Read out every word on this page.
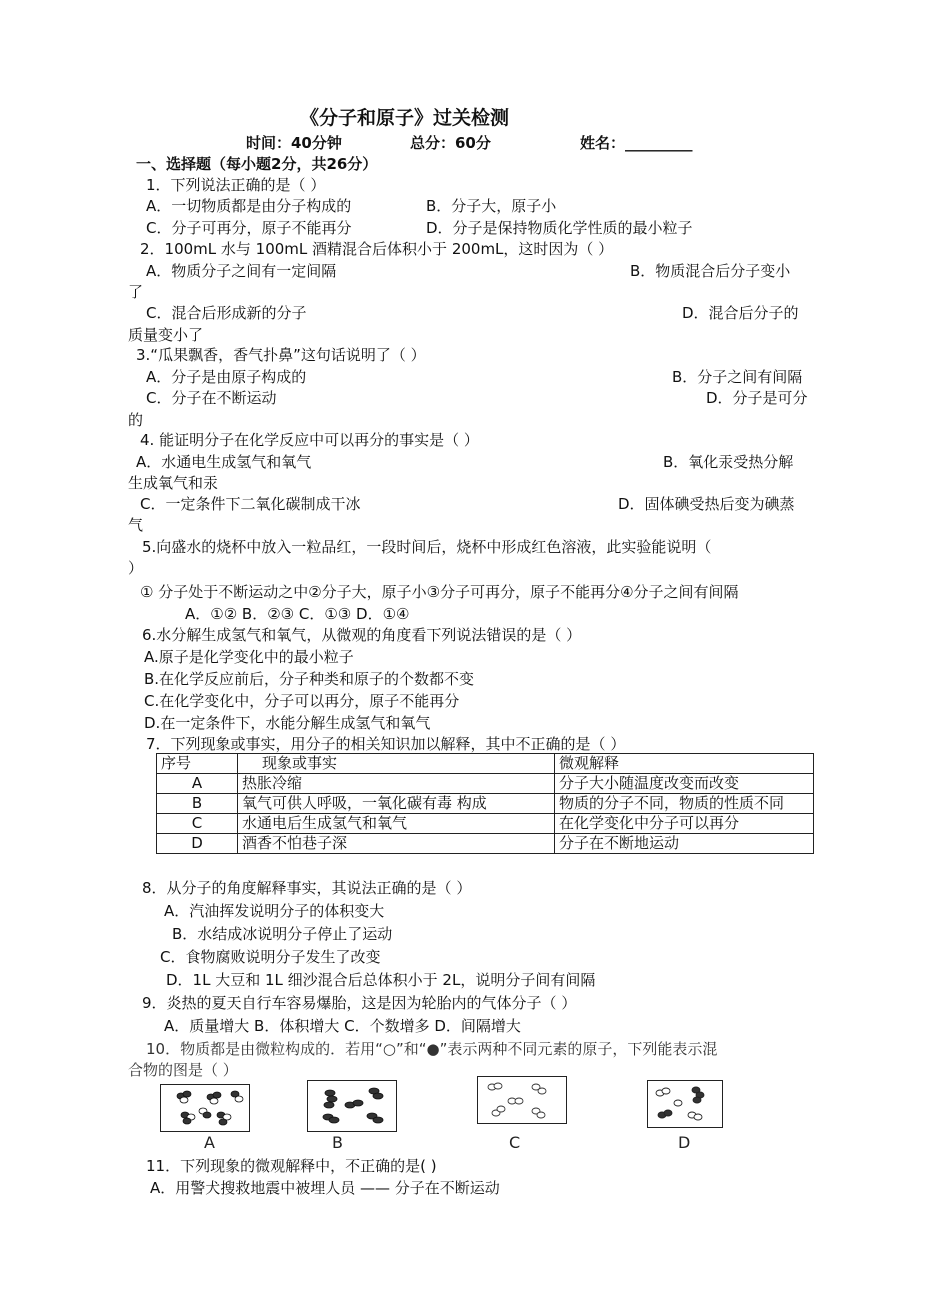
《分子和原子》过关检测
时间：40分钟	总分：60分	姓名：_________
一、选择题（每小题2分，共26分）
1．下列说法正确的是（ ）
A．一切物质都是由分子构成的	B．分子大，原子小
C．分子可再分，原子不能再分	D．分子是保持物质化学性质的最小粒子
2．100mL 水与 100mL 酒精混合后体积小于 200mL，这时因为（ ）
A．物质分子之间有一定间隔	B．物质混合后分子变小
了
C．混合后形成新的分子	D．混合后分子的
质量变小了
3.“瓜果飘香，香气扑鼻”这句话说明了（ ）
A．分子是由原子构成的	B．分子之间有间隔
C．分子在不断运动	D．分子是可分
的
4. 能证明分子在化学反应中可以再分的事实是（ ）
A．水通电生成氢气和氧气	B．氧化汞受热分解
生成氧气和汞
C．一定条件下二氧化碳制成干冰	D．固体碘受热后变为碘蒸
气
5.向盛水的烧杯中放入一粒品红，一段时间后，烧杯中形成红色溶液，此实验能说明（
）
① 分子处于不断运动之中②分子大，原子小③分子可再分，原子不能再分④分子之间有间隔
A．①② B．②③ C．①③ D．①④
6.水分解生成氢气和氧气，从微观的角度看下列说法错误的是（ ）
A.原子是化学变化中的最小粒子
B.在化学反应前后，分子种类和原子的个数都不变
C.在化学变化中，分子可以再分，原子不能再分
D.在一定条件下，水能分解生成氢气和氧气
7．下列现象或事实，用分子的相关知识加以解释，其中不正确的是（ ）
序号	现象或事实	微观解释
A	热胀冷缩	分子大小随温度改变而改变
B	氧气可供人呼吸，一氧化碳有毒 构成	物质的分子不同，物质的性质不同
C	水通电后生成氢气和氧气	在化学变化中分子可以再分
D	酒香不怕巷子深	分子在不断地运动
8．从分子的角度解释事实，其说法正确的是（ ）
A．汽油挥发说明分子的体积变大
B．水结成冰说明分子停止了运动
C．食物腐败说明分子发生了改变
D．1L 大豆和 1L 细沙混合后总体积小于 2L，说明分子间有间隔
9．炎热的夏天自行车容易爆胎，这是因为轮胎内的气体分子（ ）
A．质量增大 B．体积增大 C．个数增多 D．间隔增大
10．物质都是由微粒构成的．若用“○”和“●”表示两种不同元素的原子，下列能表示混
合物的图是（ ）
A	B	C	D
11．下列现象的微观解释中，不正确的是( )
A．用警犬搜救地震中被埋人员 —— 分子在不断运动
